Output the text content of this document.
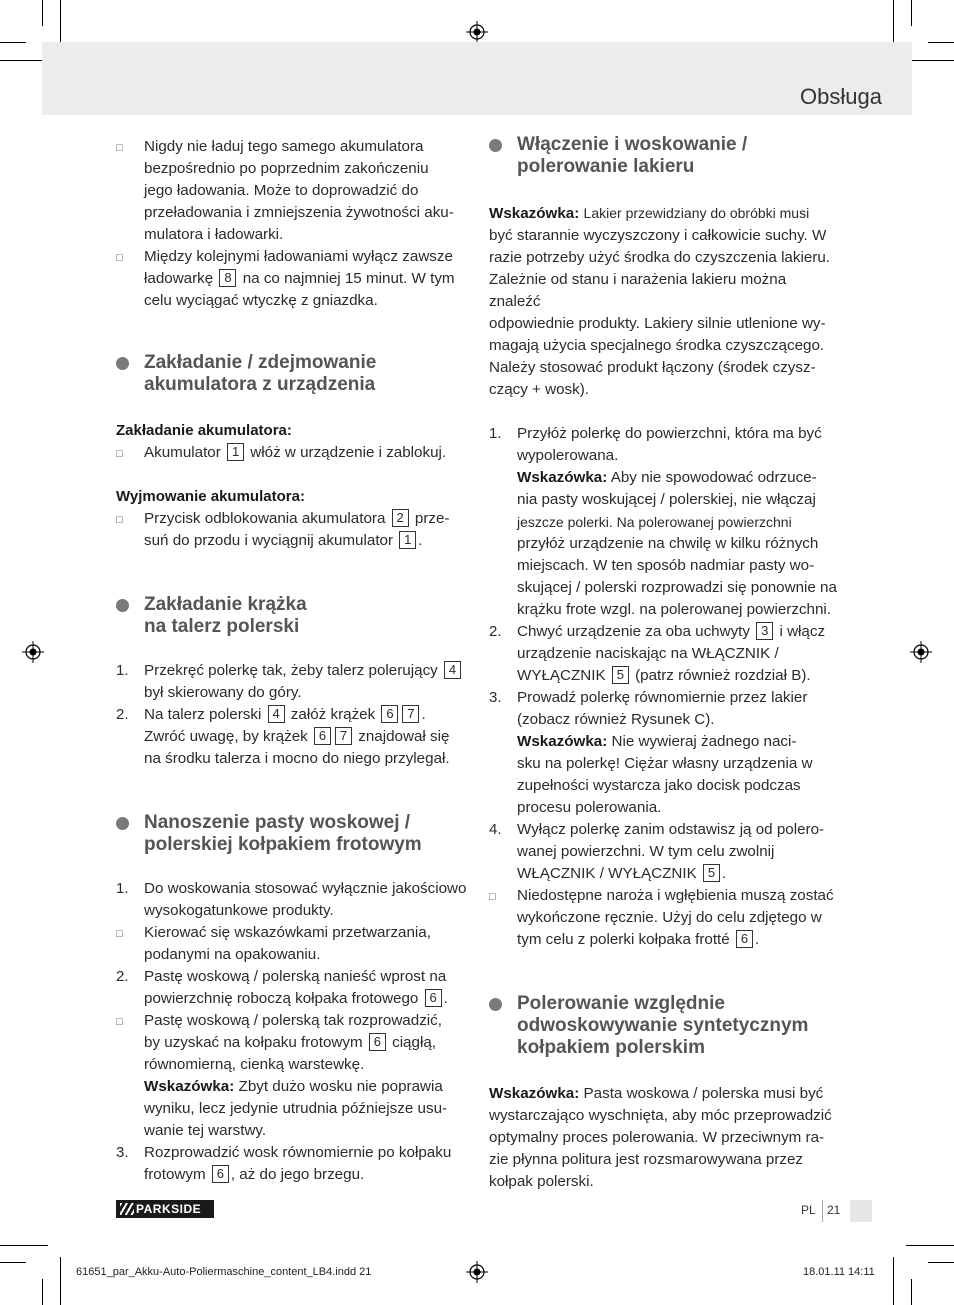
Obsługa
□	Nigdy nie ładuj tego samego akumulatora
bezpośrednio po poprzednim zakończeniu
jego ładowania. Może to doprowadzić do
przeładowania i zmniejszenia żywotności aku-
mulatora i ładowarki.
□	Między kolejnymi ładowaniami wyłącz zawsze
ładowarkę 8 na co najmniej 15 minut. W tym
celu wyciągać wtyczkę z gniazdka.
Zakładanie / zdejmowanie
akumulatora z urządzenia
Zakładanie akumulatora:
□	Akumulator 1 włóż w urządzenie i zablokuj.
Wyjmowanie akumulatora:
□	Przycisk odblokowania akumulatora 2 prze-
suń do przodu i wyciągnij akumulator 1 .
Zakładanie krążka
na talerz polerski
1.	Przekręć polerkę tak, żeby talerz polerujący 4
był skierowany do góry.
2.	Na talerz polerski 4 załóż krążek 6 7 .
Zwróć uwagę, by krążek 6 7 znajdował się
na środku talerza i mocno do niego przylegał.
Nanoszenie pasty woskowej /
polerskiej kołpakiem frotowym
1.	Do woskowania stosować wyłącznie jakościowo
wysokogatunkowe produkty.
□	Kierować się wskazówkami przetwarzania,
podanymi na opakowaniu.
2.	Pastę woskową / polerską nanieść wprost na
powierzchnię roboczą kołpaka frotowego 6 .
□	Pastę woskową / polerską tak rozprowadzić,
by uzyskać na kołpaku frotowym 6 ciągłą,
równomierną, cienką warstewkę.
Wskazówka: Zbyt dużo wosku nie poprawia
wyniku, lecz jedynie utrudnia późniejsze usu-
wanie tej warstwy.
3.	Rozprowadzić wosk równomiernie po kołpaku
frotowym 6 , aż do jego brzegu.
Włączenie i woskowanie /
polerowanie lakieru
Wskazówka: Lakier przewidziany do obróbki musi
być starannie wyczyszczony i całkowicie suchy. W
razie potrzeby użyć środka do czyszczenia lakieru.
Zależnie od stanu i narażenia lakieru można znaleźć
odpowiednie produkty. Lakiery silnie utlenione wy-
magają użycia specjalnego środka czyszczącego.
Należy stosować produkt łączony (środek czysz-
czący + wosk).
1.	Przyłóż polerkę do powierzchni, która ma być
wypolerowana.
Wskazówka: Aby nie spowodować odrzuce-
nia pasty woskującej / polerskiej, nie włączaj
jeszcze polerki. Na polerowanej powierzchni
przyłóż urządzenie na chwilę w kilku różnych
miejscach. W ten sposób nadmiar pasty wo-
skującej / polerski rozprowadzi się ponownie na
krążku frote wzgl. na polerowanej powierzchni.
2.	Chwyć urządzenie za oba uchwyty 3 i włącz
urządzenie naciskając na WŁĄCZNIK /
WYŁĄCZNIK 5 (patrz również rozdział B).
3.	Prowadź polerkę równomiernie przez lakier
(zobacz również Rysunek C).
Wskazówka: Nie wywieraj żadnego naci-
sku na polerkę! Ciężar własny urządzenia w
zupełności wystarcza jako docisk podczas
procesu polerowania.
4.	Wyłącz polerkę zanim odstawisz ją od polero-
wanej powierzchni. W tym celu zwolnij
WŁĄCZNIK / WYŁĄCZNIK 5 .
□	Niedostępne naroża i wgłębienia muszą zostać
wykończone ręcznie. Użyj do celu zdjętego w
tym celu z polerki kołpaka frotté 6 .
Polerowanie względnie
odwoskowywanie syntetycznym
kołpakiem polerskim
Wskazówka: Pasta woskowa / polerska musi być
wystarczająco wyschnięta, aby móc przeprowadzić
optymalny proces polerowania. W przeciwnym ra-
zie płynna politura jest rozsmarowywana przez
kołpak polerski.
PARKSIDE	PL 21
61651_par_Akku-Auto-Poliermaschine_content_LB4.indd 21	18.01.11 14:11
